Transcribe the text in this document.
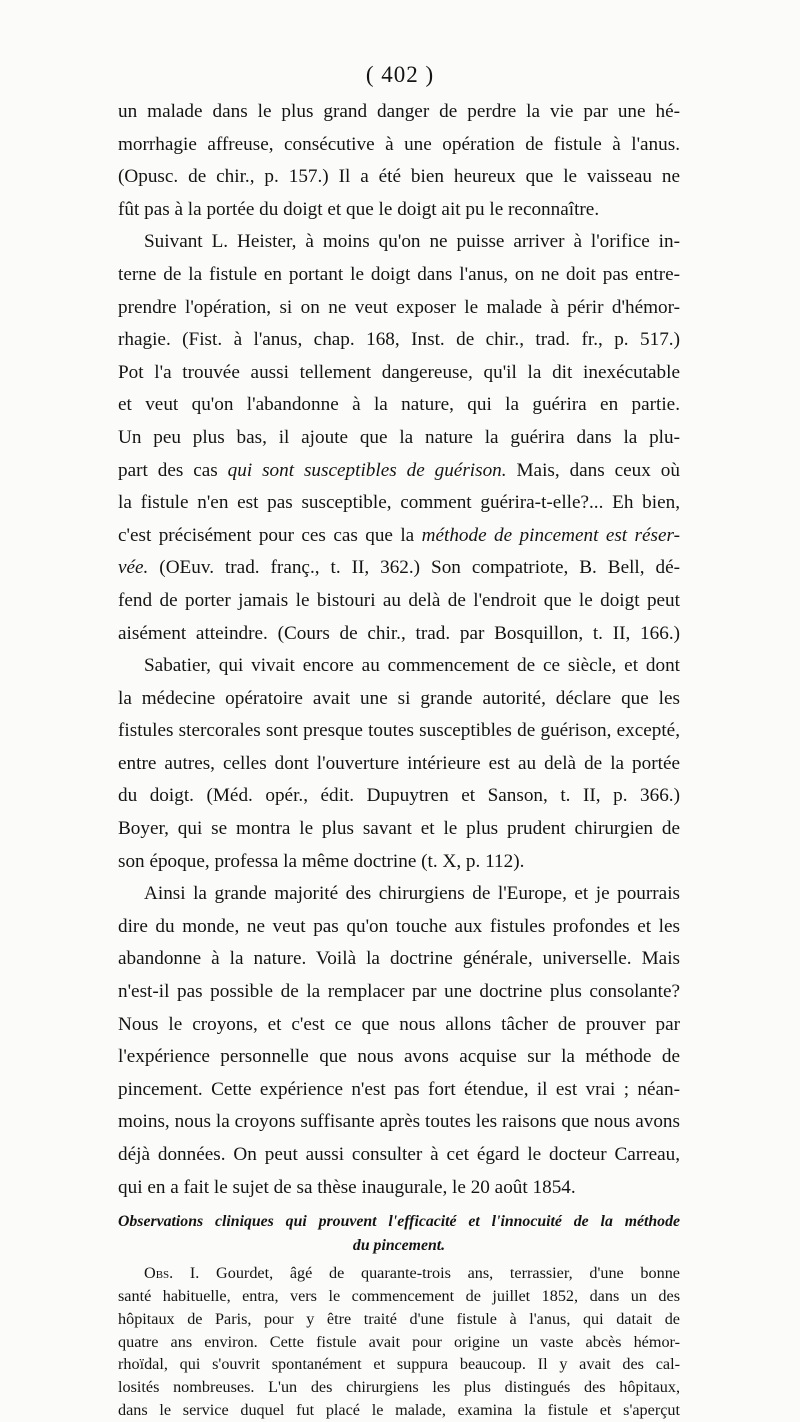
( 402 )
un malade dans le plus grand danger de perdre la vie par une hé-
morrhagie affreuse, consécutive à une opération de fistule à l'anus.
(Opusc. de chir., p. 157.) Il a été bien heureux que le vaisseau ne
fût pas à la portée du doigt et que le doigt ait pu le reconnaître.
Suivant L. Heister, à moins qu'on ne puisse arriver à l'orifice in-
terne de la fistule en portant le doigt dans l'anus, on ne doit pas entre-
prendre l'opération, si on ne veut exposer le malade à périr d'hémor-
rhagie. (Fist. à l'anus, chap. 168, Inst. de chir., trad. fr., p. 517.)
Pot l'a trouvée aussi tellement dangereuse, qu'il la dit inexécutable
et veut qu'on l'abandonne à la nature, qui la guérira en partie.
Un peu plus bas, il ajoute que la nature la guérira dans la plu-
part des cas qui sont susceptibles de guérison. Mais, dans ceux où
la fistule n'en est pas susceptible, comment guérira-t-elle?... Eh bien,
c'est précisément pour ces cas que la méthode de pincement est réser-
vée. (OEuv. trad. franç., t. II, 362.) Son compatriote, B. Bell, dé-
fend de porter jamais le bistouri au delà de l'endroit que le doigt peut
aisément atteindre. (Cours de chir., trad. par Bosquillon, t. II, 166.)
Sabatier, qui vivait encore au commencement de ce siècle, et dont
la médecine opératoire avait une si grande autorité, déclare que les
fistules stercorales sont presque toutes susceptibles de guérison, excepté,
entre autres, celles dont l'ouverture intérieure est au delà de la portée
du doigt. (Méd. opér., édit. Dupuytren et Sanson, t. II, p. 366.)
Boyer, qui se montra le plus savant et le plus prudent chirurgien de
son époque, professa la même doctrine (t. X, p. 112).
Ainsi la grande majorité des chirurgiens de l'Europe, et je pourrais
dire du monde, ne veut pas qu'on touche aux fistules profondes et les
abandonne à la nature. Voilà la doctrine générale, universelle. Mais
n'est-il pas possible de la remplacer par une doctrine plus consolante?
Nous le croyons, et c'est ce que nous allons tâcher de prouver par
l'expérience personnelle que nous avons acquise sur la méthode de
pincement. Cette expérience n'est pas fort étendue, il est vrai ; néan-
moins, nous la croyons suffisante après toutes les raisons que nous avons
déjà données. On peut aussi consulter à cet égard le docteur Carreau,
qui en a fait le sujet de sa thèse inaugurale, le 20 août 1854.
Observations cliniques qui prouvent l'efficacité et l'innocuité de la méthode
du pincement.
Obs. I. Gourdet, âgé de quarante-trois ans, terrassier, d'une bonne
santé habituelle, entra, vers le commencement de juillet 1852, dans un des
hôpitaux de Paris, pour y être traité d'une fistule à l'anus, qui datait de
quatre ans environ. Cette fistule avait pour origine un vaste abcès hémor-
rhoïdal, qui s'ouvrit spontanément et suppura beaucoup. Il y avait des cal-
losités nombreuses. L'un des chirurgiens les plus distingués des hôpitaux,
dans le service duquel fut placé le malade, examina la fistule et s'aperçut
